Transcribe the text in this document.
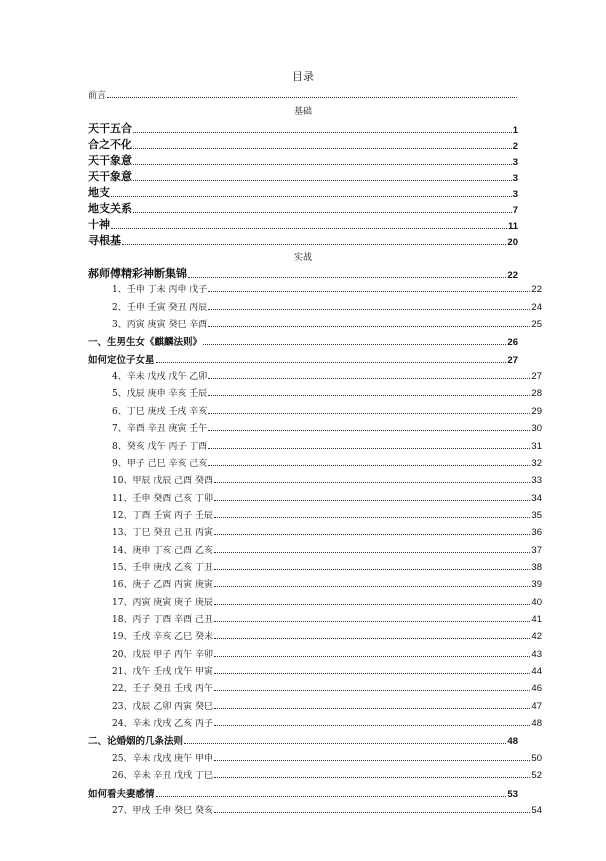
目录
前言
基础
天干五合	1
合之不化	2
天干象意	3
天干象意	3
地支	3
地支关系	7
十神	11
寻根基	20
实战
郝师傅精彩神断集锦	22
1、壬申 丁未 丙申 戊子	22
2、壬申 壬寅 癸丑 丙辰	24
3、丙寅 庚寅 癸巳 辛酉	25
一、生男生女《麒麟法则》	26
如何定位子女星	27
4、辛未 戊戌 戊午 乙卯	27
5、戊辰 庚申 辛亥 壬辰	28
6、丁巳 庚戌 壬戌 辛亥	29
7、辛酉 辛丑 庚寅 壬午	30
8、癸亥 戊午 丙子 丁酉	31
9、甲子 己巳 辛亥 己亥	32
10、甲辰 戊辰 己酉 癸酉	33
11、壬申 癸酉 己亥 丁卯	34
12、丁酉 壬寅 丙子 壬辰	35
13、丁巳 癸丑 己丑 丙寅	36
14、庚申 丁亥 己酉 乙亥	37
15、壬申 庚戌 乙亥 丁丑	38
16、庚子 乙酉 丙寅 庚寅	39
17、丙寅 庚寅 庚子 庚辰	40
18、丙子 丁酉 辛酉 己丑	41
19、壬戌 辛亥 乙巳 癸未	42
20、戊辰 甲子 丙午 辛卯	43
21、戊午 壬戌 戊午 甲寅	44
22、壬子 癸丑 壬戌 丙午	46
23、戊辰 乙卯 丙寅 癸巳	47
24、辛未 戊戌 乙亥 丙子	48
二、论婚姻的几条法则	48
25、辛未 戊戌 庚午 甲申	50
26、辛未 辛丑 戊戌 丁巳	52
如何看夫妻感情	53
27、甲戌 壬申 癸巳 癸亥	54
